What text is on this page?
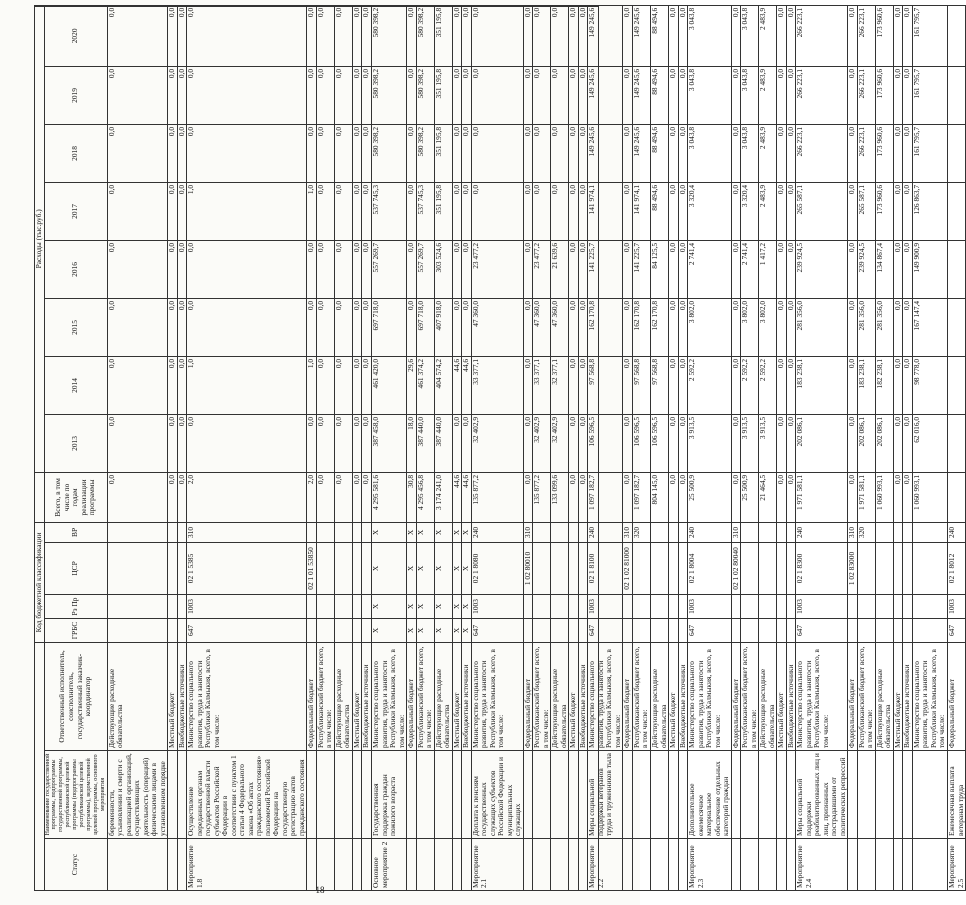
			Код бюджетной классификации					Расходы (тыс.руб.)							
Статус	Наименование государственной программы, подпрограммы государственной программы, республиканской целевой программы (подпрограммы республиканской целевой программы), ведомственной целевой программы, основного мероприятия	Ответственный исполнитель, соисполнитель, государственный заказчик-координатор	ГРБС	Рз Пр	ЦСР	ВР	Всего, в том числе по годам реализации программы	2013	2014	2015	2016	2017	2018	2019	2020
	беременности, усыновлении и смерти с реализацией организаций, осуществляющих деятельность (операций) физическими лицами в установленном порядке	Действующие расходные обязательства					0,0	0,0	0,0	0,0	0,0	0,0	0,0	0,0	0,0
		Местный бюджет					0,0	0,0	0,0	0,0	0,0	0,0	0,0	0,0	0,0
		Внебюджетные источники					0,0	0,0	0,0	0,0	0,0	0,0	0,0	0,0	0,0
Мероприятие 1.8	Осуществление переданных органам государственной власти субъектов Российской Федерации в соответствии с пунктом 1 статьи 4 Федерального закона «Об актах гражданского состояния» полномочий Российской Федерации на государственную регистрацию актов гражданского состояния	Министерство социального развития, труда и занятости Республики Калмыкия, всего, в том числе:	647	1003	02 1 5385	310	2,0	0,0	1,0	0,0	0,0	1,0	0,0	0,0	0,0
		Федеральный бюджет			02 1 01 53850		2,0	0,0	1,0	0,0	0,0	1,0	0,0	0,0	0,0
		Республиканский бюджет всего, в том числе:					0,0	0,0	0,0	0,0	0,0	0,0	0,0	0,0	0,0
		Действующие расходные обязательства					0,0	0,0	0,0	0,0	0,0	0,0	0,0	0,0	0,0
		Местный бюджет					0,0	0,0	0,0	0,0	0,0	0,0	0,0	0,0	0,0
		Внебюджетные источники					0,0	0,0	0,0	0,0	0,0	0,0	0,0	0,0	0,0
Основное мероприятие 2	Государственная поддержка граждан пожилого возраста	Министерство социального развития, труда и занятости Республики Калмыкия, всего, в том числе:	X	X	X	X	4 295 581,6	387 458,0	461 420,0	697 718,0	557 269,7	537 745,3	580 398,2	580 398,2	580 398,2
		Федеральный бюджет	X	X	X	X	30,8	18,0	29,6	0,0	0,0	0,0	0,0	0,0	0,0
		Республиканский бюджет всего, в том числе:	X	X	X	X	4 295 456,8	387 440,0	461 374,2	697 718,0	557 269,7	537 745,3	580 398,2	580 398,2	580 398,2
		Действующие расходные обязательства	X	X	X	X	3 174 241,0	387 440,0	404 574,2	407 918,0	303 524,6	351 195,8	351 195,8	351 195,8	351 195,8
		Местный бюджет	X	X	X	X	44,6	0,0	44,6	0,0	0,0	0,0	0,0	0,0	0,0
		Внебюджетные источники	X	X	X	X	44,6	0,0	44,6	0,0	0,0	0,0	0,0	0,0	0,0
Мероприятие 2.1	Доплата к пенсиям государственных служащих субъектов Российской Федерации и муниципальных служащих	Министерство социального развития, труда и занятости Республики Калмыкия, всего, в том числе:	647	1003	02 1 8080	240	135 877,2	32 402,9	33 377,1	47 360,0	23 477,2	0,0	0,0	0,0	0,0
		Федеральный бюджет			1 02 80010	310	0,0	0,0	0,0	0,0	0,0	0,0	0,0	0,0	0,0
		Республиканский бюджет всего, в том числе:					135 877,2	32 402,9	33 377,1	47 360,0	23 477,2	0,0	0,0	0,0	0,0
		Действующие расходные обязательства					133 099,6	32 402,9	32 377,1	47 360,0	21 639,6	0,0	0,0	0,0	0,0
		Местный бюджет					0,0	0,0	0,0	0,0	0,0	0,0	0,0	0,0	0,0
		Внебюджетные источники					0,0	0,0	0,0	0,0	0,0	0,0	0,0	0,0	0,0
Мероприятие 2.2	Меры социальной поддержки ветеранов труда и труженников тыла	Министерство социального развития, труда и занятости Республики Калмыкия, всего, в том числе:	647	1003	02 1 8100	240	1 097 182,7	106 596,5	97 568,8	162 170,8	141 225,7	141 974,1	149 245,6	149 245,6	149 245,6
		Федеральный бюджет			02 1 02 81000	310	0,0	0,0	0,0	0,0	0,0	0,0	0,0	0,0	0,0
		Республиканский бюджет всего, в том числе:				320	1 097 182,7	106 596,5	97 568,8	162 170,8	141 225,7	141 974,1	149 245,6	149 245,6	149 245,6
		Действующие расходные обязательства					804 145,0	106 596,5	97 568,8	162 170,8	84 125,5	88 494,6	88 494,6	88 494,6	88 494,6
		Местный бюджет					0,0	0,0	0,0	0,0	0,0	0,0	0,0	0,0	0,0
		Внебюджетные источники					0,0	0,0	0,0	0,0	0,0	0,0	0,0	0,0	0,0
Мероприятие 2.3	Дополнительное ежемесячное материальное обеспечение отдельных категорий граждан	Министерство социального развития, труда и занятости Республики Калмыкия, всего, в том числе:	647	1003	02 1 8004	240	25 500,9	3 913,5	2 592,2	3 802,0	2 741,4	3 320,4	3 043,8	3 043,8	3 043,8
		Федеральный бюджет			02 1 02 80040	310	0,0	0,0	0,0	0,0	0,0	0,0	0,0	0,0	0,0
		Республиканский бюджет всего, в том числе:					25 500,9	3 913,5	2 592,2	3 802,0	2 741,4	3 320,4	3 043,8	3 043,8	3 043,8
		Действующие расходные обязательства					21 464,5	3 913,5	2 592,2	3 802,0	1 417,2	2 483,9	2 483,9	2 483,9	2 483,9
		Местный бюджет					0,0	0,0	0,0	0,0	0,0	0,0	0,0	0,0	0,0
		Внебюджетные источники					0,0	0,0	0,0	0,0	0,0	0,0	0,0	0,0	0,0
Мероприятие 2.4	Меры социальной поддержки реабилитированных лиц и лиц, признанных пострадавшими от политических репрессий	Министерство социального развития, труда и занятости Республики Калмыкия, всего, в том числе:	647	1003	02 1 8300	240	1 971 581,1	202 086,1	183 238,1	281 356,0	239 924,5	265 587,1	266 223,1	266 223,1	266 223,1
		Федеральный бюджет			1 02 83000	310	0,0	0,0	0,0	0,0	0,0	0,0	0,0	0,0	0,0
		Республиканский бюджет всего, в том числе:				320	1 971 581,1	202 086,1	183 238,1	281 356,0	239 924,5	265 587,1	266 223,1	266 223,1	266 223,1
		Действующие расходные обязательства					1 060 993,1	202 086,1	182 238,1	281 356,0	134 867,4	173 960,6	173 960,6	173 960,6	173 960,6
		Местный бюджет					0,0	0,0	0,0	0,0	0,0	0,0	0,0	0,0	0,0
		Внебюджетные источники					0,0	0,0	0,0	0,0	0,0	0,0	0,0	0,0	0,0
		Министерство социального развития, труда и занятости Республики Калмыкия, всего, в том числе:					1 060 993,1	62 016,0	98 778,0	167 147,4	149 900,9	126 863,7	161 795,7	161 795,7	161 795,7
Мероприятие 2.5	Ежемесячная выплата ветеранам труда	Федеральный бюджет	647	1003	02 1 8012	240									
18
